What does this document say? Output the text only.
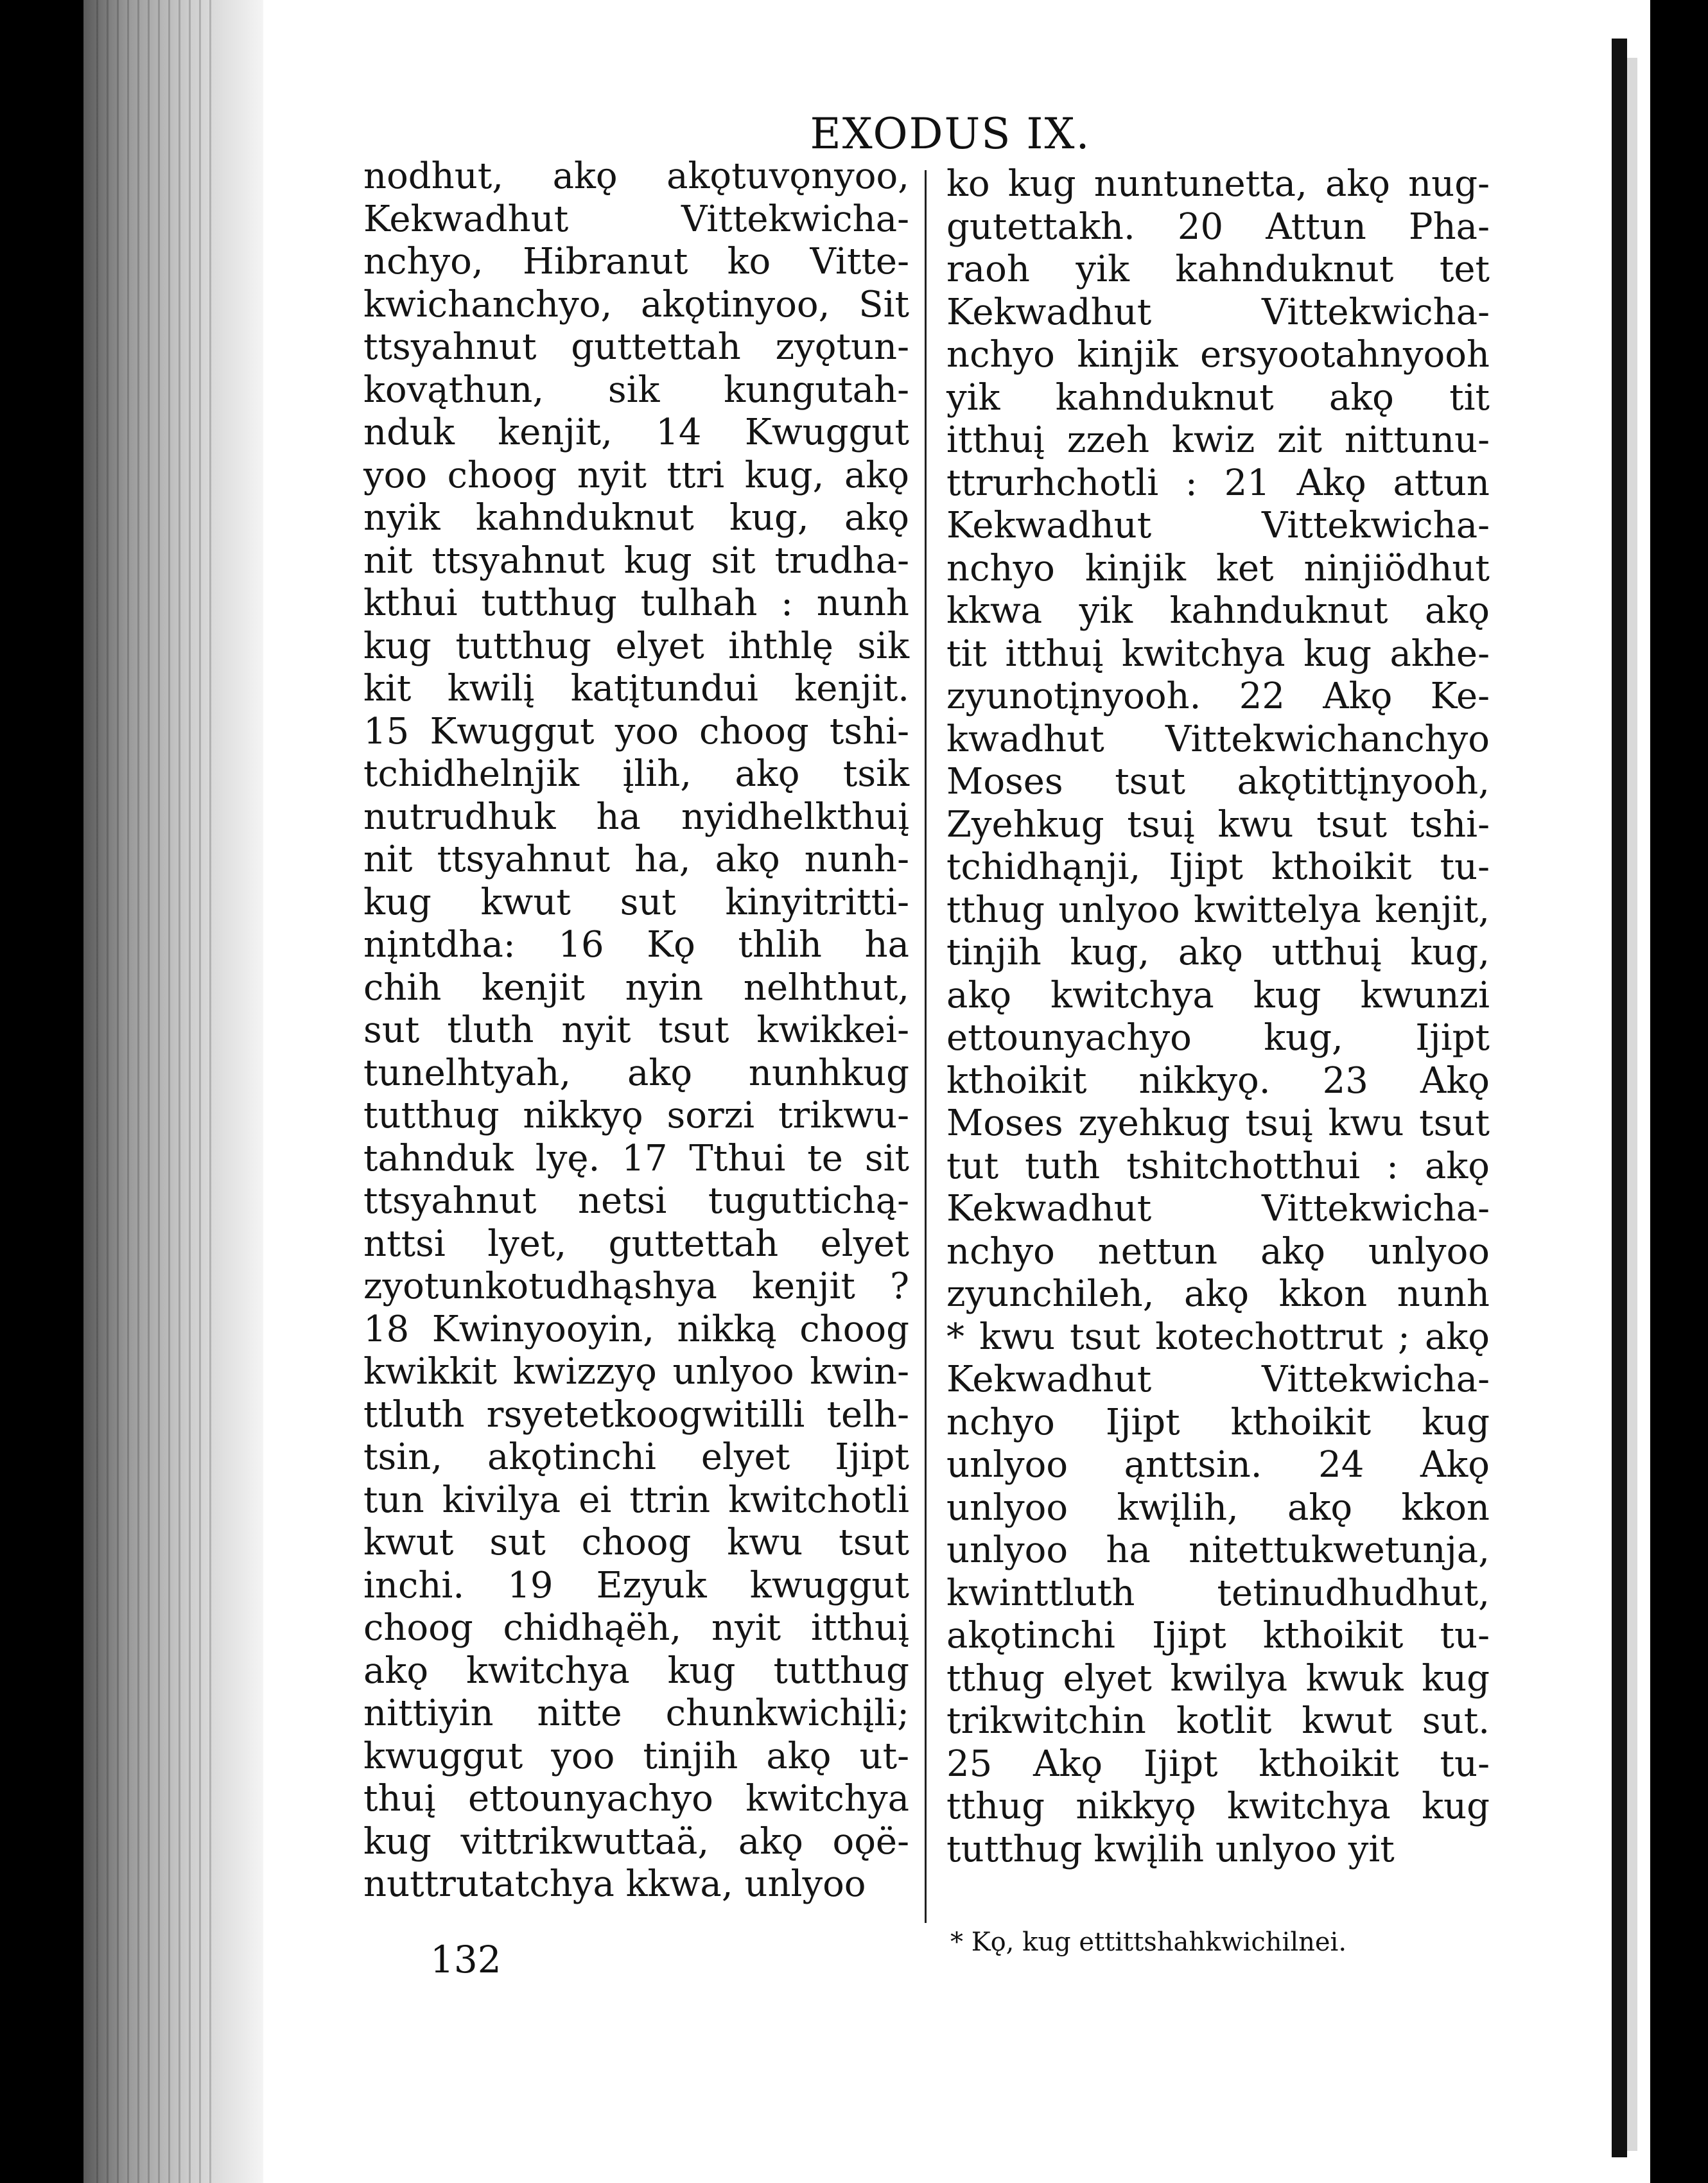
EXODUS IX.
nodhut, akǫ akǫtuvǫnyoo,
Kekwadhut Vittekwicha-
nchyo, Hibranut ko Vitte-
kwichanchyo, akǫtinyoo, Sit
ttsyahnut guttettah zyǫtun-
kovąthun, sik kungutah-
nduk kenjit, 14 Kwuggut
yoo choog nyit ttri kug, akǫ
nyik kahnduknut kug, akǫ
nit ttsyahnut kug sit trudha-
kthui tutthug tulhah : nunh
kug tutthug elyet ihthlę sik
kit kwilį katįtundui kenjit.
15 Kwuggut yoo choog tshi-
tchidhelnjik įlih, akǫ tsik
nutrudhuk ha nyidhelkthuį
nit ttsyahnut ha, akǫ nunh-
kug kwut sut kinyitritti-
nįntdha: 16 Kǫ thlih ha
chih kenjit nyin nelhthut,
sut tluth nyit tsut kwikkei-
tunelhtyah, akǫ nunhkug
tutthug nikkyǫ sorzi trikwu-
tahnduk lyę. 17 Tthui te sit
ttsyahnut netsi tuguttichą-
nttsi lyet, guttettah elyet
zyotunkotudhąshya kenjit ?
18 Kwinyooyin, nikką choog
kwikkit kwizzyǫ unlyoo kwin-
ttluth rsyetetkoogwitilli telh-
tsin, akǫtinchi elyet Ijipt
tun kivilya ei ttrin kwitchotli
kwut sut choog kwu tsut
inchi. 19 Ezyuk kwuggut
choog chidhąëh, nyit itthuį
akǫ kwitchya kug tutthug
nittiyin nitte chunkwichįli;
kwuggut yoo tinjih akǫ ut-
thuį ettounyachyo kwitchya
kug vittrikwuttaä, akǫ oǫë-
nuttrutatchya kkwa, unlyoo
ko kug nuntunetta, akǫ nug-
gutettakh. 20 Attun Pha-
raoh yik kahnduknut tet
Kekwadhut Vittekwicha-
nchyo kinjik ersyootahnyooh
yik kahnduknut akǫ tit
itthuį zzeh kwiz zit nittunu-
ttrurhchotli : 21 Akǫ attun
Kekwadhut Vittekwicha-
nchyo kinjik ket ninjiödhut
kkwa yik kahnduknut akǫ
tit itthuį kwitchya kug akhe-
zyunotįnyooh. 22 Akǫ Ke-
kwadhut Vittekwichanchyo
Moses tsut akǫtittįnyooh,
Zyehkug tsuį kwu tsut tshi-
tchidhąnji, Ijipt kthoikit tu-
tthug unlyoo kwittelya kenjit,
tinjih kug, akǫ utthuį kug,
akǫ kwitchya kug kwunzi
ettounyachyo kug, Ijipt
kthoikit nikkyǫ. 23 Akǫ
Moses zyehkug tsuį kwu tsut
tut tuth tshitchotthui : akǫ
Kekwadhut Vittekwicha-
nchyo nettun akǫ unlyoo
zyunchileh, akǫ kkon nunh
* kwu tsut kotechottrut ; akǫ
Kekwadhut Vittekwicha-
nchyo Ijipt kthoikit kug
unlyoo ąnttsin. 24 Akǫ
unlyoo kwįlih, akǫ kkon
unlyoo ha nitettukwetunja,
kwinttluth tetinudhudhut,
akǫtinchi Ijipt kthoikit tu-
tthug elyet kwilya kwuk kug
trikwitchin kotlit kwut sut.
25 Akǫ Ijipt kthoikit tu-
tthug nikkyǫ kwitchya kug
tutthug kwįlih unlyoo yit
132	* Kǫ, kug ettittshahkwichilnei.
